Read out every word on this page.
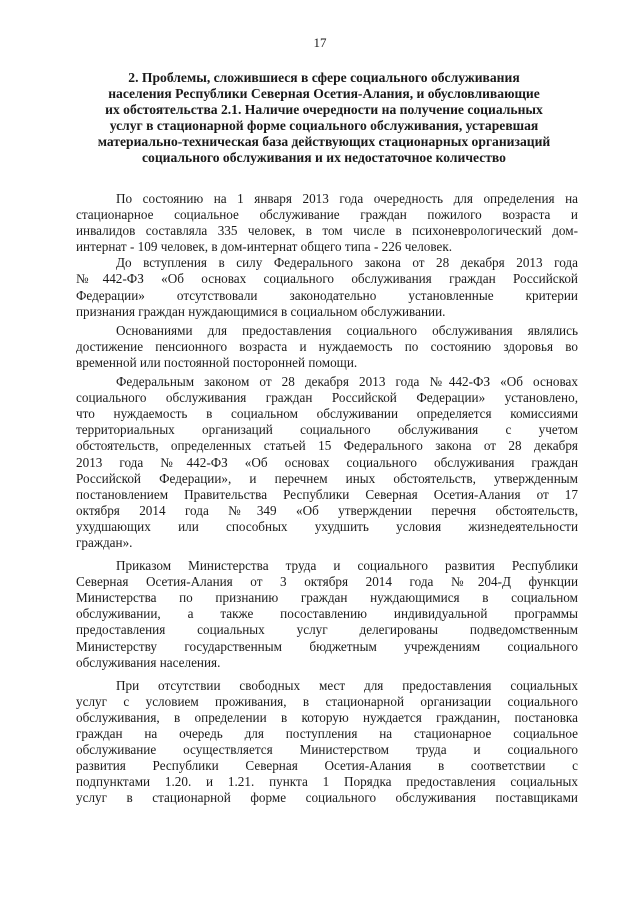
17
2. Проблемы, сложившиеся в сфере социального обслуживания
населения Республики Северная Осетия-Алания, и обусловливающие
их обстоятельства 2.1. Наличие очередности на получение социальных
услуг в стационарной форме социального обслуживания, устаревшая
материально-техническая база действующих стационарных организаций
социального обслуживания и их недостаточное количество
По состоянию на 1 января 2013 года очередность для определения на
стационарное социальное обслуживание граждан пожилого возраста и
инвалидов составляла 335 человек, в том числе в психоневрологический дом-
интернат - 109 человек, в дом-интернат общего типа - 226 человек.
До вступления в силу Федерального закона от 28 декабря 2013 года
№442-ФЗ «Об основах социального обслуживания граждан Российской
Федерации» отсутствовали законодательно установленные критерии
признания граждан нуждающимися в социальном обслуживании.
Основаниями для предоставления социального обслуживания являлись
достижение пенсионного возраста и нуждаемость по состоянию здоровья во
временной или постоянной посторонней помощи.
Федеральным законом от 28 декабря 2013 года №442-ФЗ «Об основах
социального обслуживания граждан Российской Федерации» установлено,
что нуждаемость в социальном обслуживании определяется комиссиями
территориальных организаций социального обслуживания с учетом
обстоятельств, определенных статьей 15 Федерального закона от 28 декабря
2013 года №442-ФЗ «Об основах социального обслуживания граждан
Российской Федерации», и перечнем иных обстоятельств, утвержденным
постановлением Правительства Республики Северная Осетия-Алания от 17
октября 2014 года №349 «Об утверждении перечня обстоятельств,
ухудшающих или способных ухудшить условия жизнедеятельности
граждан».
Приказом Министерства труда и социального развития Республики
Северная Осетия-Алания от 3 октября 2014 года №204-Д функции
Министерства по признанию граждан нуждающимися в социальном
обслуживании, а также посоставлению индивидуальной программы
предоставления социальных услуг делегированы подведомственным
Министерству государственным бюджетным учреждениям социального
обслуживания населения.
При отсутствии свободных мест для предоставления социальных
услуг с условием проживания, в стационарной организации социального
обслуживания, в определении в которую нуждается гражданин, постановка
граждан на очередь для поступления на стационарное социальное
обслуживание осуществляется Министерством труда и социального
развития Республики Северная Осетия-Алания в соответствии с
подпунктами 1.20. и 1.21. пункта 1 Порядка предоставления социальных
услуг в стационарной форме социального обслуживания поставщиками
